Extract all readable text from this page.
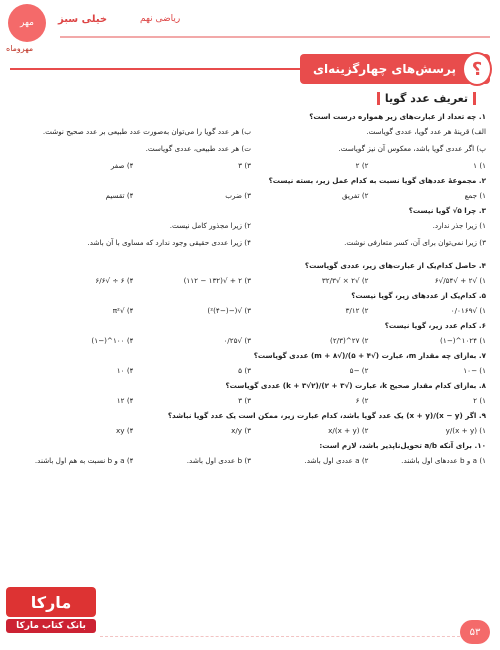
مهر
مهروماه
خیلی سبز	ریاضی نهم
پرسش‌های چهارگزینه‌ای ؟
تعریف عدد گویا
۱. چه تعداد از عبارت‌های زیر همواره درست است؟
الف) قرینهٔ هر عدد گویا، عددی گویاست.
ب) هر عدد گویا را می‌توان به‌صورت عدد طبیعی بر عدد صحیح نوشت.
پ) اگر عددی گویا باشد، معکوس آن نیز گویاست.
ت) هر عدد طبیعی، عددی گویاست.
۱) ۱
۲) ۲
۳) ۳
۴) صفر
۲. مجموعهٔ عددهای گویا نسبت به کدام عمل زیر، بسته نیست؟
۱) جمع
۲) تفریق
۳) ضرب
۴) تقسیم
۳. چرا ۵√ گویا نیست؟
۱) زیرا جذر ندارد.
۲) زیرا مجذور کامل نیست.
۳) زیرا نمی‌توان برای آن، کسر متعارفی نوشت.
۴) زیرا عددی حقیقی وجود ندارد که مساوی با آن باشد.
۴. حاصل کدام‌یک از عبارت‌های زیر، عددی گویاست؟
۱) √۲ + √۵۴/√۶
۲) √۲ × √۳۲/۳
۳) ۲ + √(۱۳۲ − ۱۱۲)
۴) ۶ ÷ √۶/۶
۵. کدام‌یک از عددهای زیر، گویا نیست؟
۱) √۰/۰۱۶۹
۲) ۳/۱۲
۳) √(−(−۴)²)
۴) √π²
۶. کدام عدد زیر، گویا نیست؟
۱) ۱۰۲۴^(−۱)
۲) ۲۷^(۲/۳)
۳) √۰/۲۵
۴) ۱۰۰^(−۱)
۷. به‌ازای چه مقدار m، عبارت (√۴ + ۵)/(√۸ + m) عددی گویاست؟
۱) −۱۰
۲) −۵
۳) ۵
۴) ۱۰
۸. به‌ازای کدام مقدار صحیح k، عبارت (√۳ + ۲)/(۲√۳ + k) عددی گویاست؟
۱) ۲
۲) ۶
۳) ۳
۴) ۱۲
۹. اگر (x − y)/(x + y) یک عدد گویا باشد، کدام عبارت زیر، ممکن است یک عدد گویا نباشد؟
۱) (x + y)/y
۲) x/(x + y)
۳) x/y
۴) xy
۱۰. برای آنکه a/b تحویل‌ناپذیر باشد، لازم است:
۱) a و b عددهای اول باشند.
۲) a عددی اول باشد.
۳) b عددی اول باشد.
۴) a و b نسبت به هم اول باشند.
مارکا
بانک کتاب مارکا
۵۳
